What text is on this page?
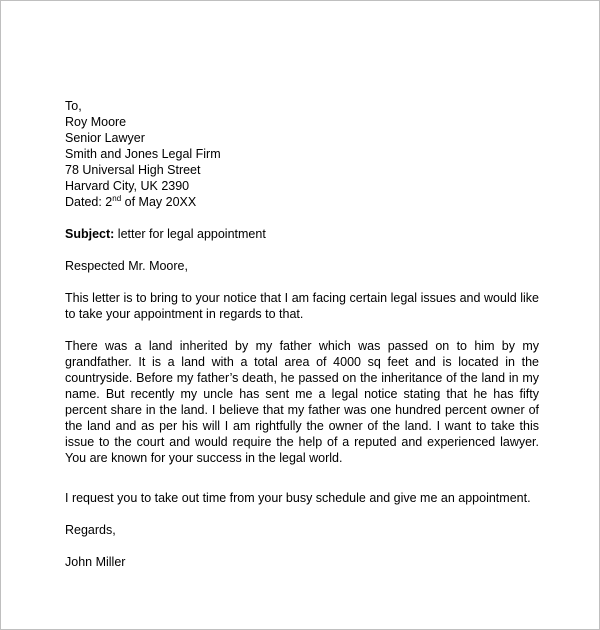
To,
Roy Moore
Senior Lawyer
Smith and Jones Legal Firm
78 Universal High Street
Harvard City, UK 2390
Dated: 2nd of May 20XX
Subject: letter for legal appointment
Respected Mr. Moore,

This letter is to bring to your notice that I am facing certain legal issues and would like to take your appointment in regards to that.

There was a land inherited by my father which was passed on to him by my grandfather. It is a land with a total area of 4000 sq feet and is located in the countryside. Before my father’s death, he passed on the inheritance of the land in my name. But recently my uncle has sent me a legal notice stating that he has fifty percent share in the land. I believe that my father was one hundred percent owner of the land and as per his will I am rightfully the owner of the land. I want to take this issue to the court and would require the help of a reputed and experienced lawyer. You are known for your success in the legal world.

I request you to take out time from your busy schedule and give me an appointment.

Regards,
John Miller
